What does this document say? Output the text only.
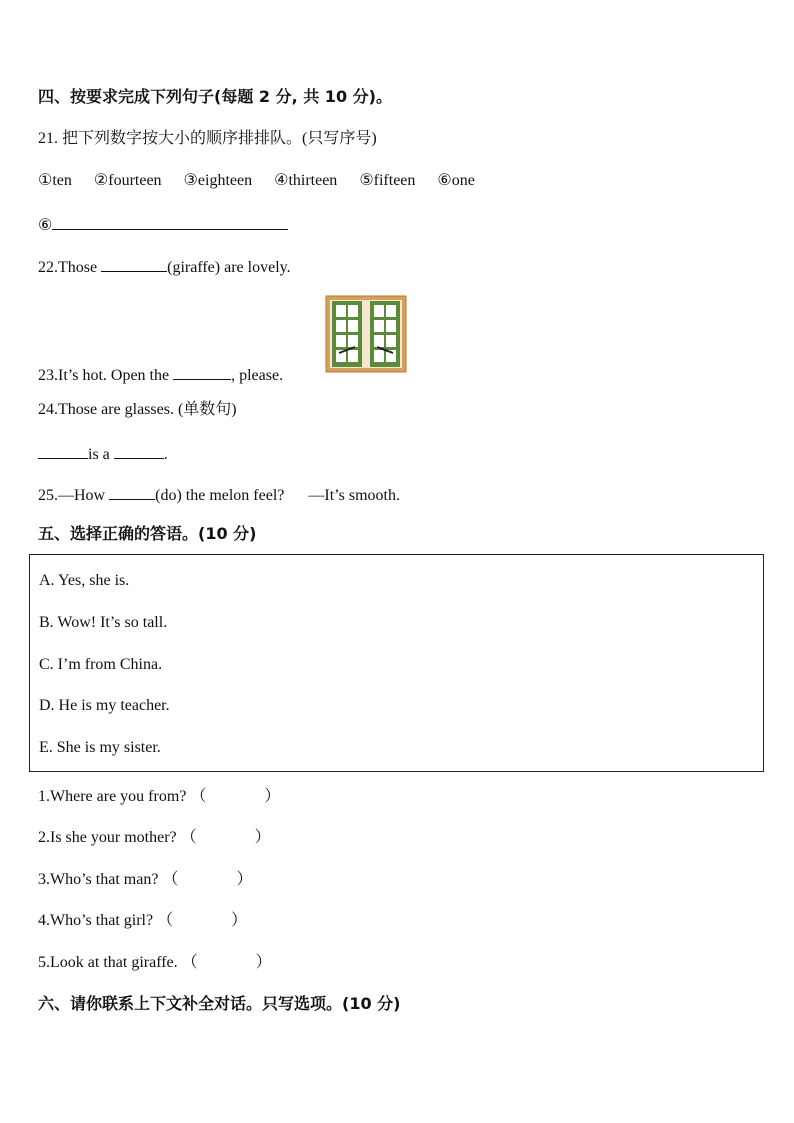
四、按要求完成下列句子(每题 2 分, 共 10 分)。
21. 把下列数字按大小的顺序排排队。(只写序号)
①ten ②fourteen ③eighteen ④thirteen ⑤fifteen ⑥one
⑥
22.Those	(giraffe) are lovely.
23.It’s hot. Open the	, please.
24.Those are glasses. (单数句)
is a	.
25.—How	(do) the melon feel? —It’s smooth.
五、选择正确的答语。(10 分)
A. Yes, she is.
B. Wow! It’s so tall.
C. I’m from China.
D. He is my teacher.
E. She is my sister.
1.Where are you from? （	）
2.Is she your mother? （	）
3.Who’s that man? （	）
4.Who’s that girl? （	）
5.Look at that giraffe. （	）
六、请你联系上下文补全对话。只写选项。(10 分)
